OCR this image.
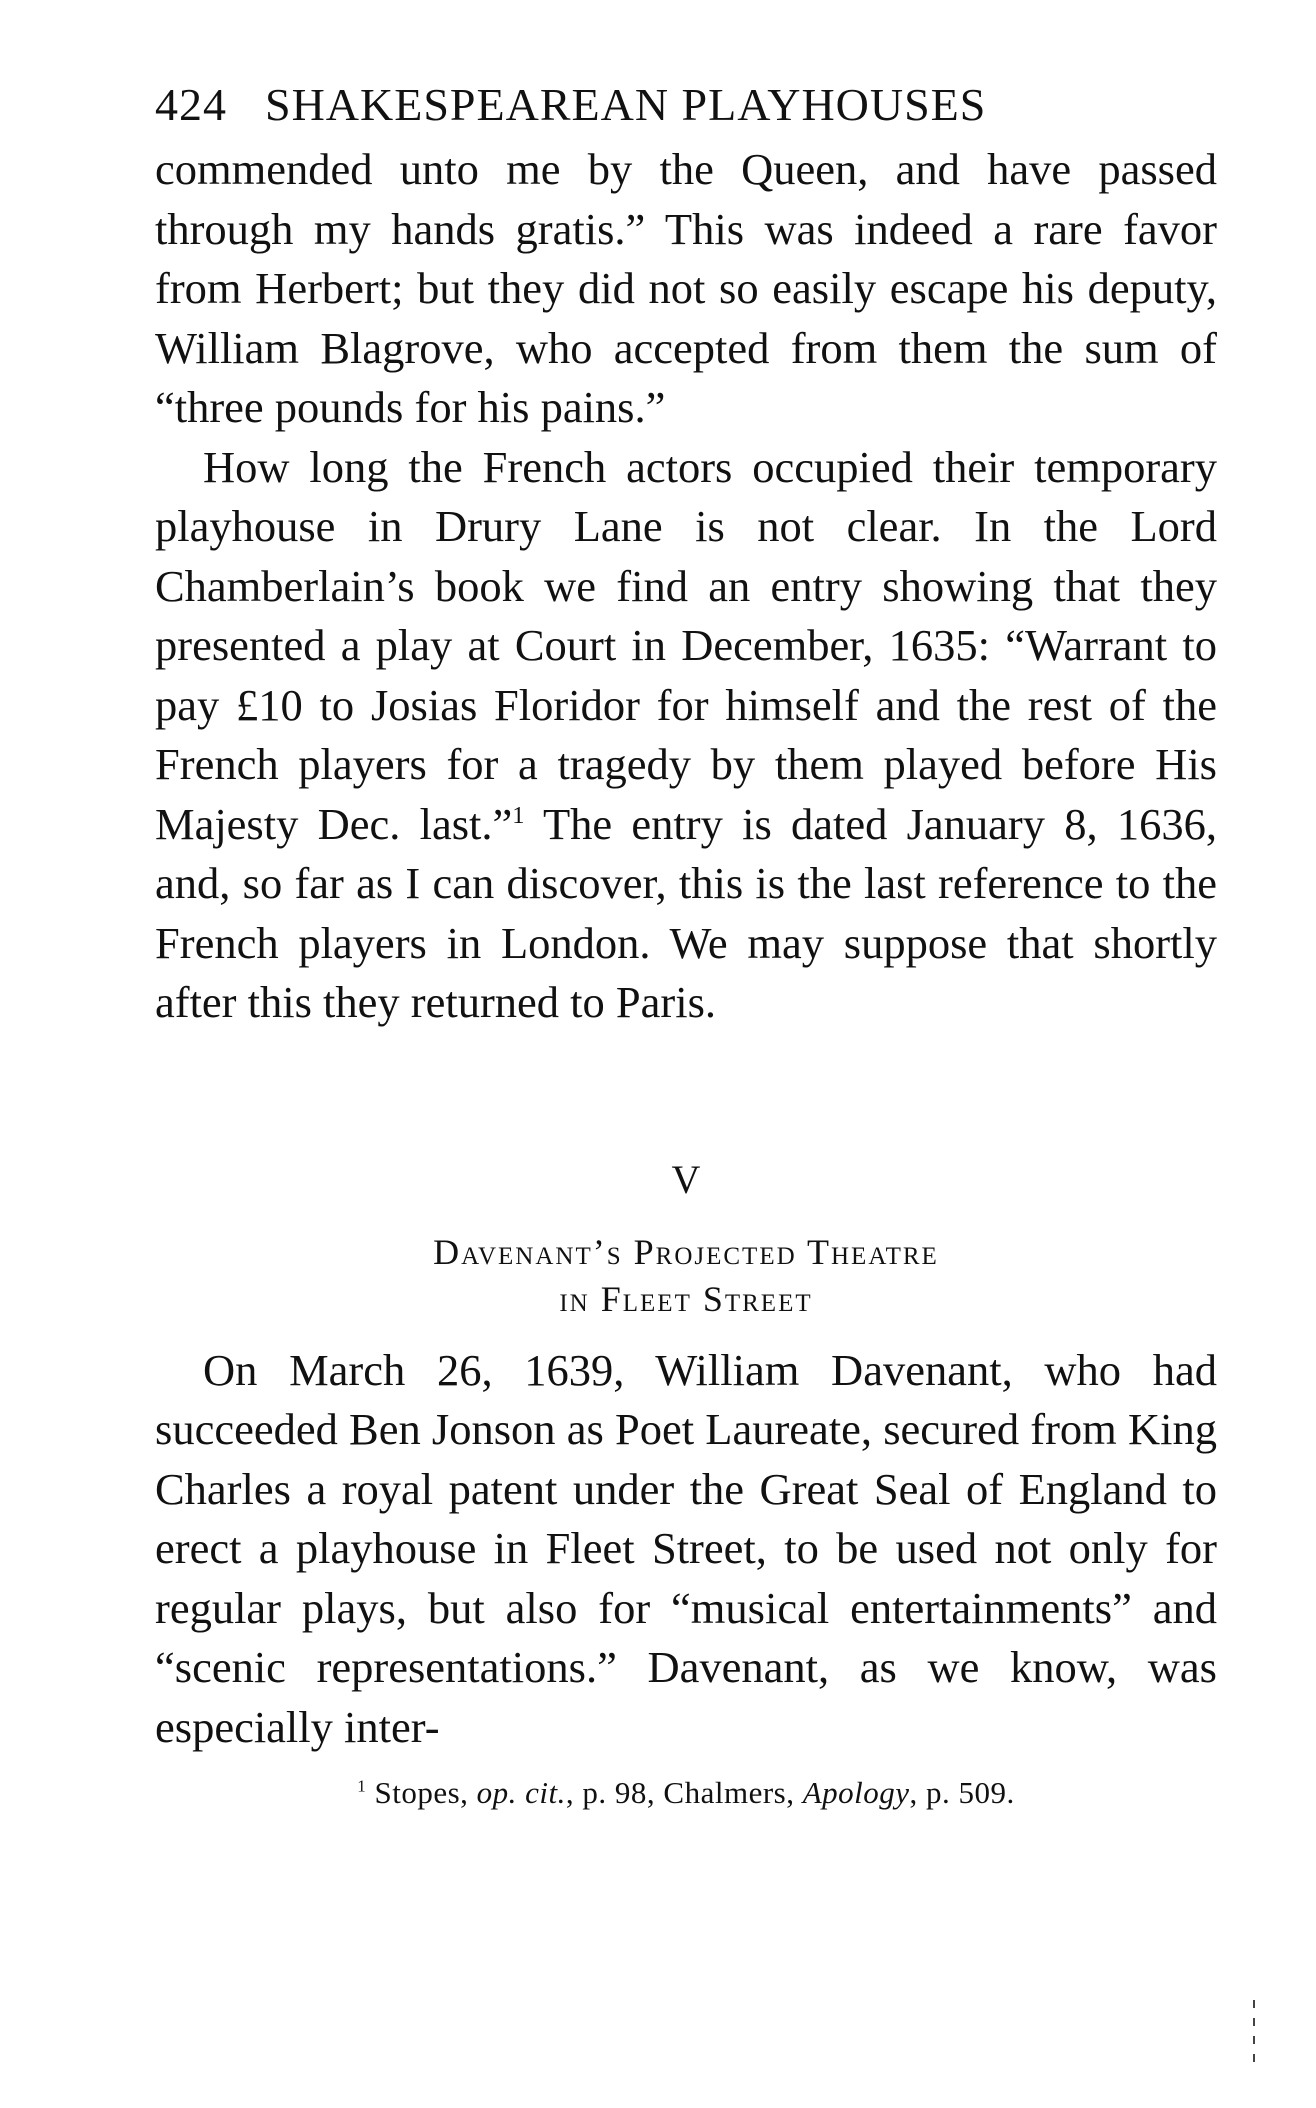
424 SHAKESPEAREAN PLAYHOUSES

commended unto me by the Queen, and have passed through my hands gratis.” This was indeed a rare favor from Herbert; but they did not so easily escape his deputy, William Blagrove, who accepted from them the sum of “three pounds for his pains.”

How long the French actors occupied their temporary playhouse in Drury Lane is not clear. In the Lord Chamberlain’s book we find an entry showing that they presented a play at Court in December, 1635: “Warrant to pay £10 to Josias Floridor for himself and the rest of the French players for a tragedy by them played before His Majesty Dec. last.”$^1$ The entry is dated January 8, 1636, and, so far as I can discover, this is the last reference to the French players in London. We may suppose that shortly after this they returned to Paris.

V
Davenant’s Projected Theatre
in Fleet Street

On March 26, 1639, William Davenant, who had succeeded Ben Jonson as Poet Laureate, secured from King Charles a royal patent under the Great Seal of England to erect a playhouse in Fleet Street, to be used not only for regular plays, but also for “musical entertainments” and “scenic representations.” Davenant, as we know, was especially inter-

$^1$ Stopes, op. cit., p. 98, Chalmers, Apology, p. 509.
